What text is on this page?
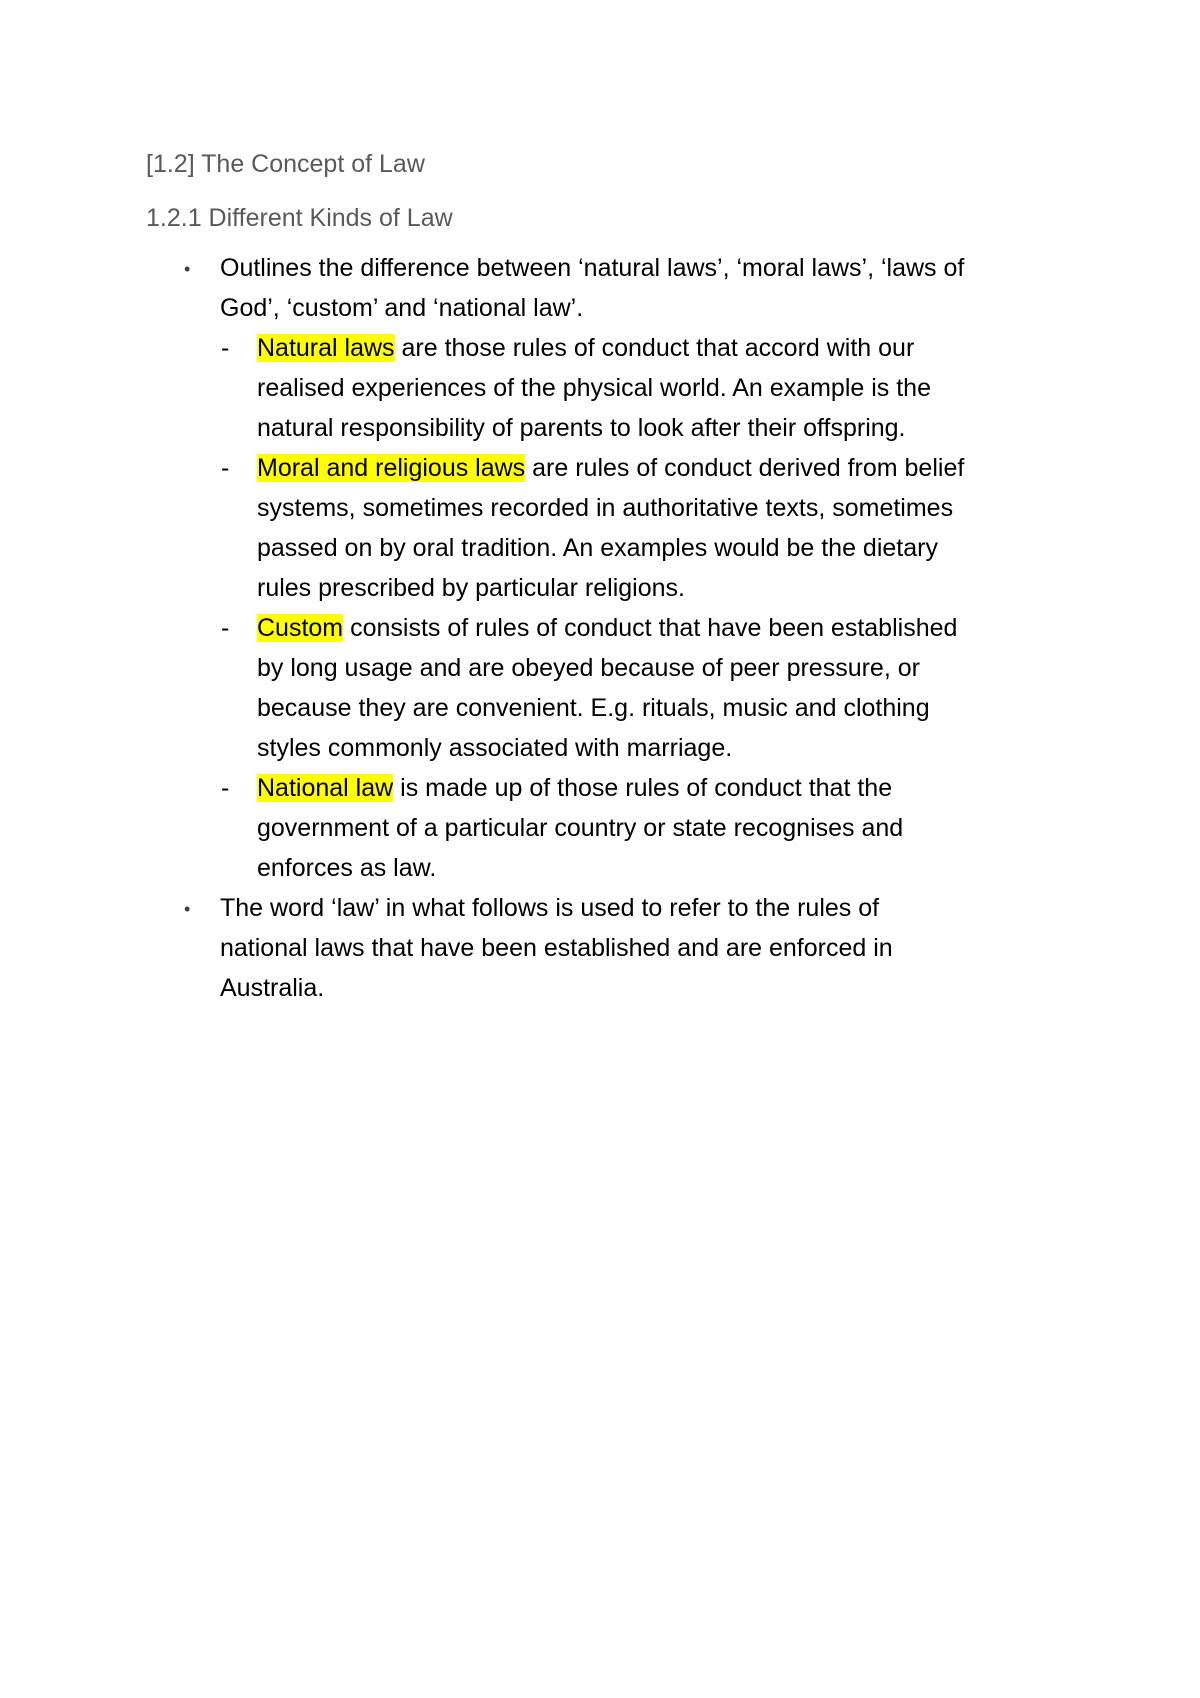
[1.2] The Concept of Law
1.2.1 Different Kinds of Law
• Outlines the difference between ‘natural laws’, ‘moral laws’, ‘laws of

God’, ‘custom’ and ‘national law’.

- Natural laws are those rules of conduct that accord with our

realised experiences of the physical world. An example is the

natural responsibility of parents to look after their offspring.

- Moral and religious laws are rules of conduct derived from belief

systems, sometimes recorded in authoritative texts, sometimes

passed on by oral tradition. An examples would be the dietary

rules prescribed by particular religions.

- Custom consists of rules of conduct that have been established

by long usage and are obeyed because of peer pressure, or

because they are convenient. E.g. rituals, music and clothing

styles commonly associated with marriage.

- National law is made up of those rules of conduct that the

government of a particular country or state recognises and

enforces as law.

• The word ‘law’ in what follows is used to refer to the rules of

national laws that have been established and are enforced in

Australia.
